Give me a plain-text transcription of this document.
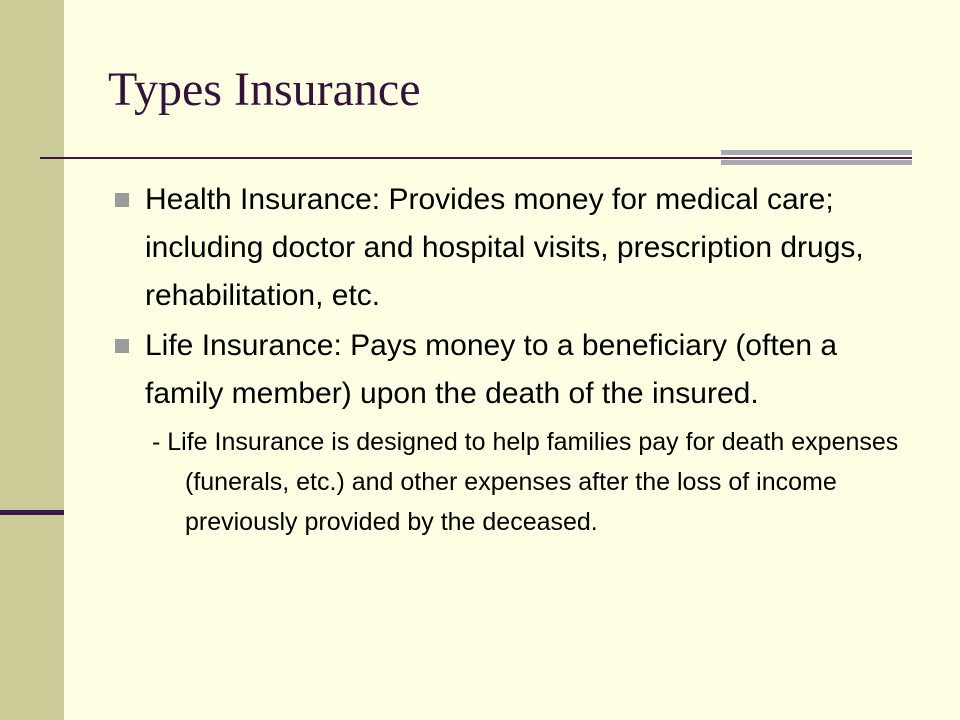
Types Insurance
Health Insurance: Provides money for medical care; including doctor and hospital visits, prescription drugs, rehabilitation, etc.
Life Insurance: Pays money to a beneficiary (often a family member) upon the death of the insured.
- Life Insurance is designed to help families pay for death expenses (funerals, etc.) and other expenses after the loss of income previously provided by the deceased.
